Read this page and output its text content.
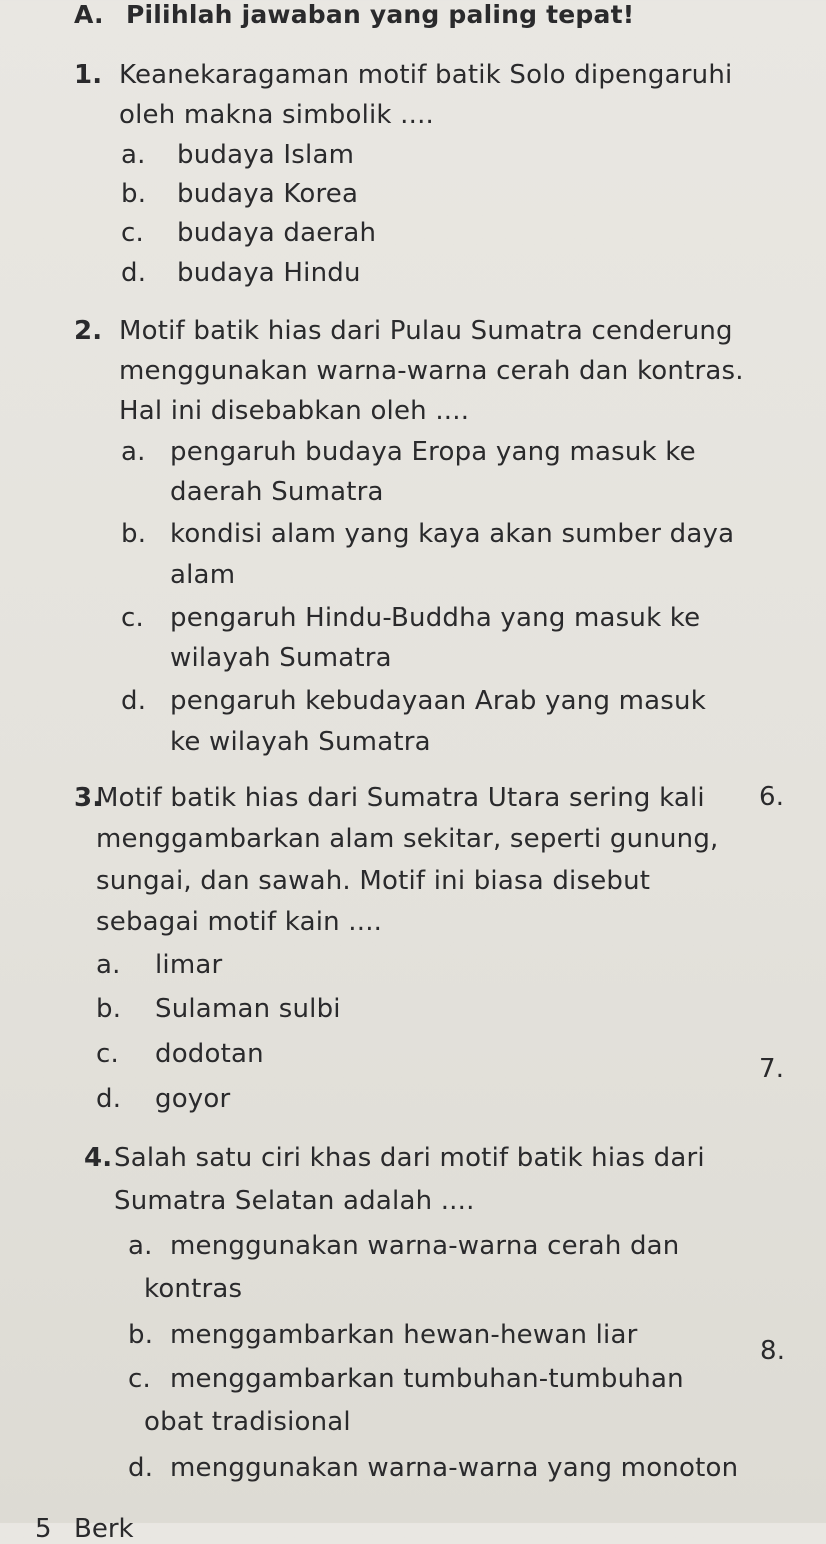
A. Pilihlah jawaban yang paling tepat!
1. Keanekaragaman motif batik Solo dipengaruhi
oleh makna simbolik ....
a. budaya Islam
b. budaya Korea
c. budaya daerah
d. budaya Hindu
2. Motif batik hias dari Pulau Sumatra cenderung
menggunakan warna-warna cerah dan kontras.
Hal ini disebabkan oleh ....
a. pengaruh budaya Eropa yang masuk ke
daerah Sumatra
b. kondisi alam yang kaya akan sumber daya
alam
c. pengaruh Hindu-Buddha yang masuk ke
wilayah Sumatra
d. pengaruh kebudayaan Arab yang masuk
ke wilayah Sumatra
3.
Motif batik hias dari Sumatra Utara sering kali
menggambarkan alam sekitar, seperti gunung,
sungai, dan sawah. Motif ini biasa disebut
sebagai motif kain ....
a. limar
b. Sulaman sulbi
c. dodotan
d. goyor
4. Salah satu ciri khas dari motif batik hias dari
Sumatra Selatan adalah ....
a. menggunakan warna-warna cerah dan
kontras
b. menggambarkan hewan-hewan liar
c. menggambarkan tumbuhan-tumbuhan
obat tradisional
d. menggunakan warna-warna yang monoton
6.
7.
8.
5 Berk
